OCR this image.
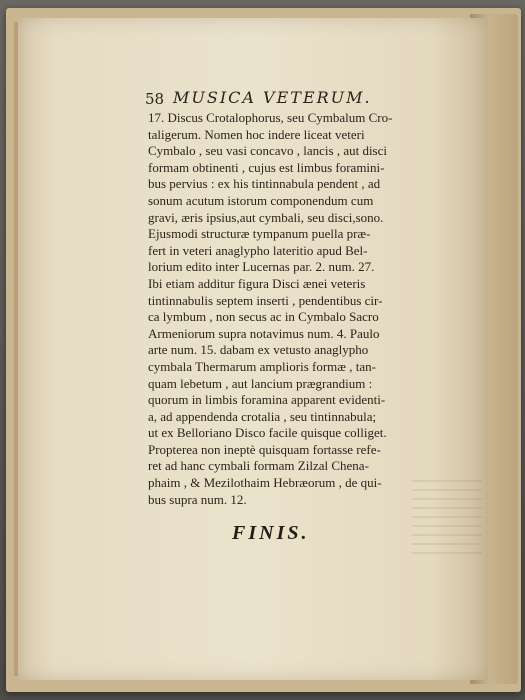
58 MUSICA VETERUM.
17. Discus Crotalophorus, seu Cymbalum Cro-
taligerum. Nomen hoc indere liceat veteri
Cymbalo , seu vasi concavo , lancis , aut disci
formam obtinenti , cujus est limbus foramini-
bus pervius : ex his tintinnabula pendent , ad
sonum acutum istorum componendum cum
gravi, æris ipsius,aut cymbali, seu disci,sono.
Ejusmodi structuræ tympanum puella præ-
fert in veteri anaglypho lateritio apud Bel-
lorium edito inter Lucernas par. 2. num. 27.
Ibi etiam additur figura Disci ænei veteris
tintinnabulis septem inserti , pendentibus cir-
ca lymbum , non secus ac in Cymbalo Sacro
Armeniorum supra notavimus num. 4. Paulo
arte num. 15. dabam ex vetusto anaglypho
cymbala Thermarum amplioris formæ , tan-
quam lebetum , aut lancium prægrandium :
quorum in limbis foramina apparent evidenti-
a, ad appendenda crotalia , seu tintinnabula;
ut ex Belloriano Disco facile quisque colliget.
Propterea non ineptè quisquam fortasse refe-
ret ad hanc cymbali formam Zilzal Chena-
phaim , & Mezilothaim Hebræorum , de qui-
bus supra num. 12.
FINIS.
